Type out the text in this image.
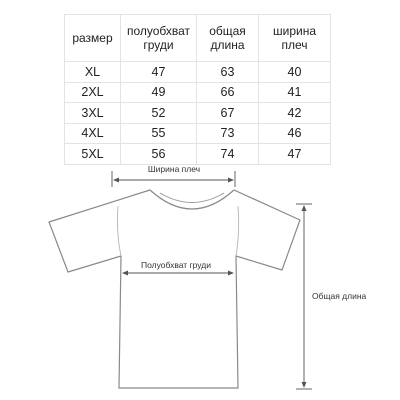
размер	полуобхват груди	общая длина	ширина плеч
XL	47	63	40
2XL	49	66	41
3XL	52	67	42
4XL	55	73	46
5XL	56	74	47
Ширина плеч
Полуобхват груди
Общая длина
